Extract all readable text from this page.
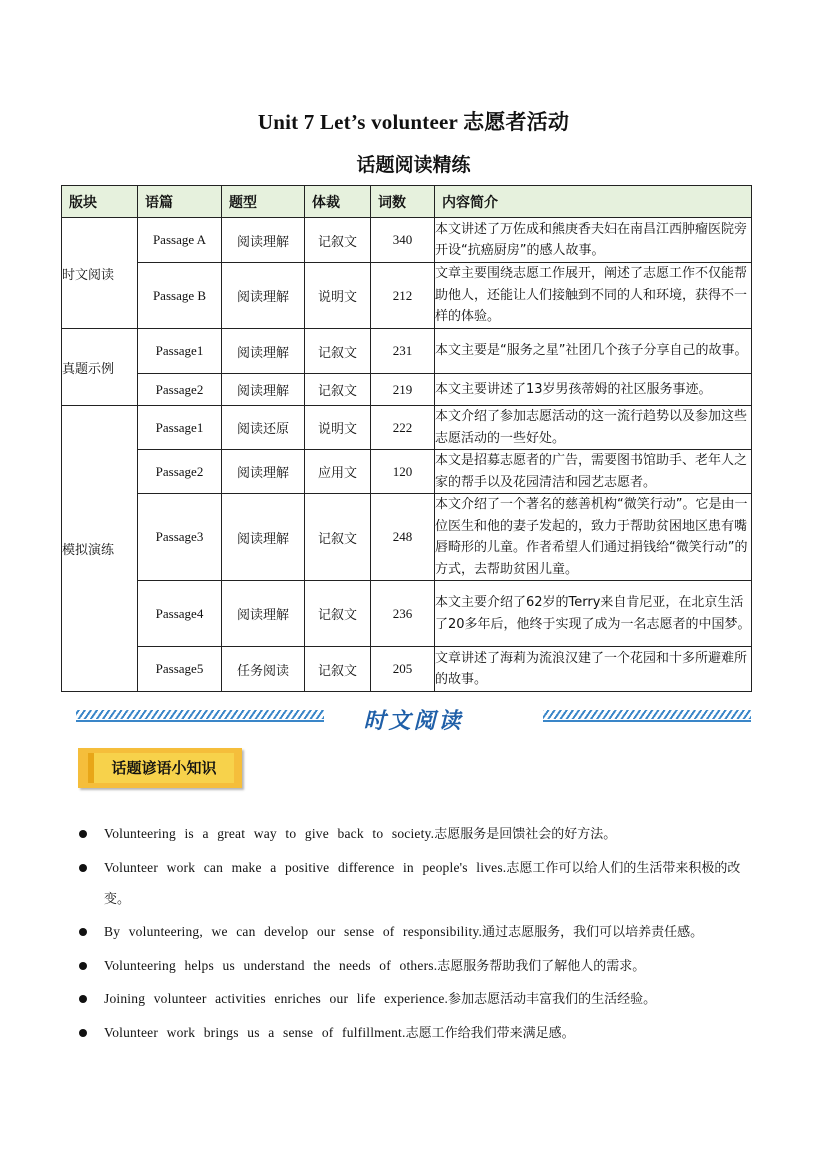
Unit 7 Let’s volunteer 志愿者活动
话题阅读精练
版块	语篇	题型	体裁	词数	内容简介
时文阅读	Passage A	阅读理解	记叙文	340	本文讲述了万佐成和熊庚香夫妇在南昌江西肿瘤医院旁开设“抗癌厨房”的感人故事。
	Passage B	阅读理解	说明文	212	文章主要围绕志愿工作展开，阐述了志愿工作不仅能帮助他人，还能让人们接触到不同的人和环境，获得不一样的体验。
真题示例	Passage1	阅读理解	记叙文	231	本文主要是“服务之星”社团几个孩子分享自己的故事。
	Passage2	阅读理解	记叙文	219	本文主要讲述了13岁男孩蒂姆的社区服务事迹。
模拟演练	Passage1	阅读还原	说明文	222	本文介绍了参加志愿活动的这一流行趋势以及参加这些志愿活动的一些好处。
	Passage2	阅读理解	应用文	120	本文是招募志愿者的广告，需要图书馆助手、老年人之家的帮手以及花园清洁和园艺志愿者。
	Passage3	阅读理解	记叙文	248	本文介绍了一个著名的慈善机构“微笑行动”。它是由一位医生和他的妻子发起的，致力于帮助贫困地区患有嘴唇畸形的儿童。作者希望人们通过捐钱给“微笑行动”的方式，去帮助贫困儿童。
	Passage4	阅读理解	记叙文	236	本文主要介绍了62岁的Terry来自肯尼亚，在北京生活了20多年后，他终于实现了成为一名志愿者的中国梦。
	Passage5	任务阅读	记叙文	205	文章讲述了海莉为流浪汉建了一个花园和十多所避难所的故事。
时文阅读
话题谚语小知识
Volunteering is a great way to give back to society.志愿服务是回馈社会的好方法。
Volunteer work can make a positive difference in people's lives.志愿工作可以给人们的生活带来积极的改变。
By volunteering, we can develop our sense of responsibility.通过志愿服务，我们可以培养责任感。
Volunteering helps us understand the needs of others.志愿服务帮助我们了解他人的需求。
Joining volunteer activities enriches our life experience.参加志愿活动丰富我们的生活经验。
Volunteer work brings us a sense of fulfillment.志愿工作给我们带来满足感。
